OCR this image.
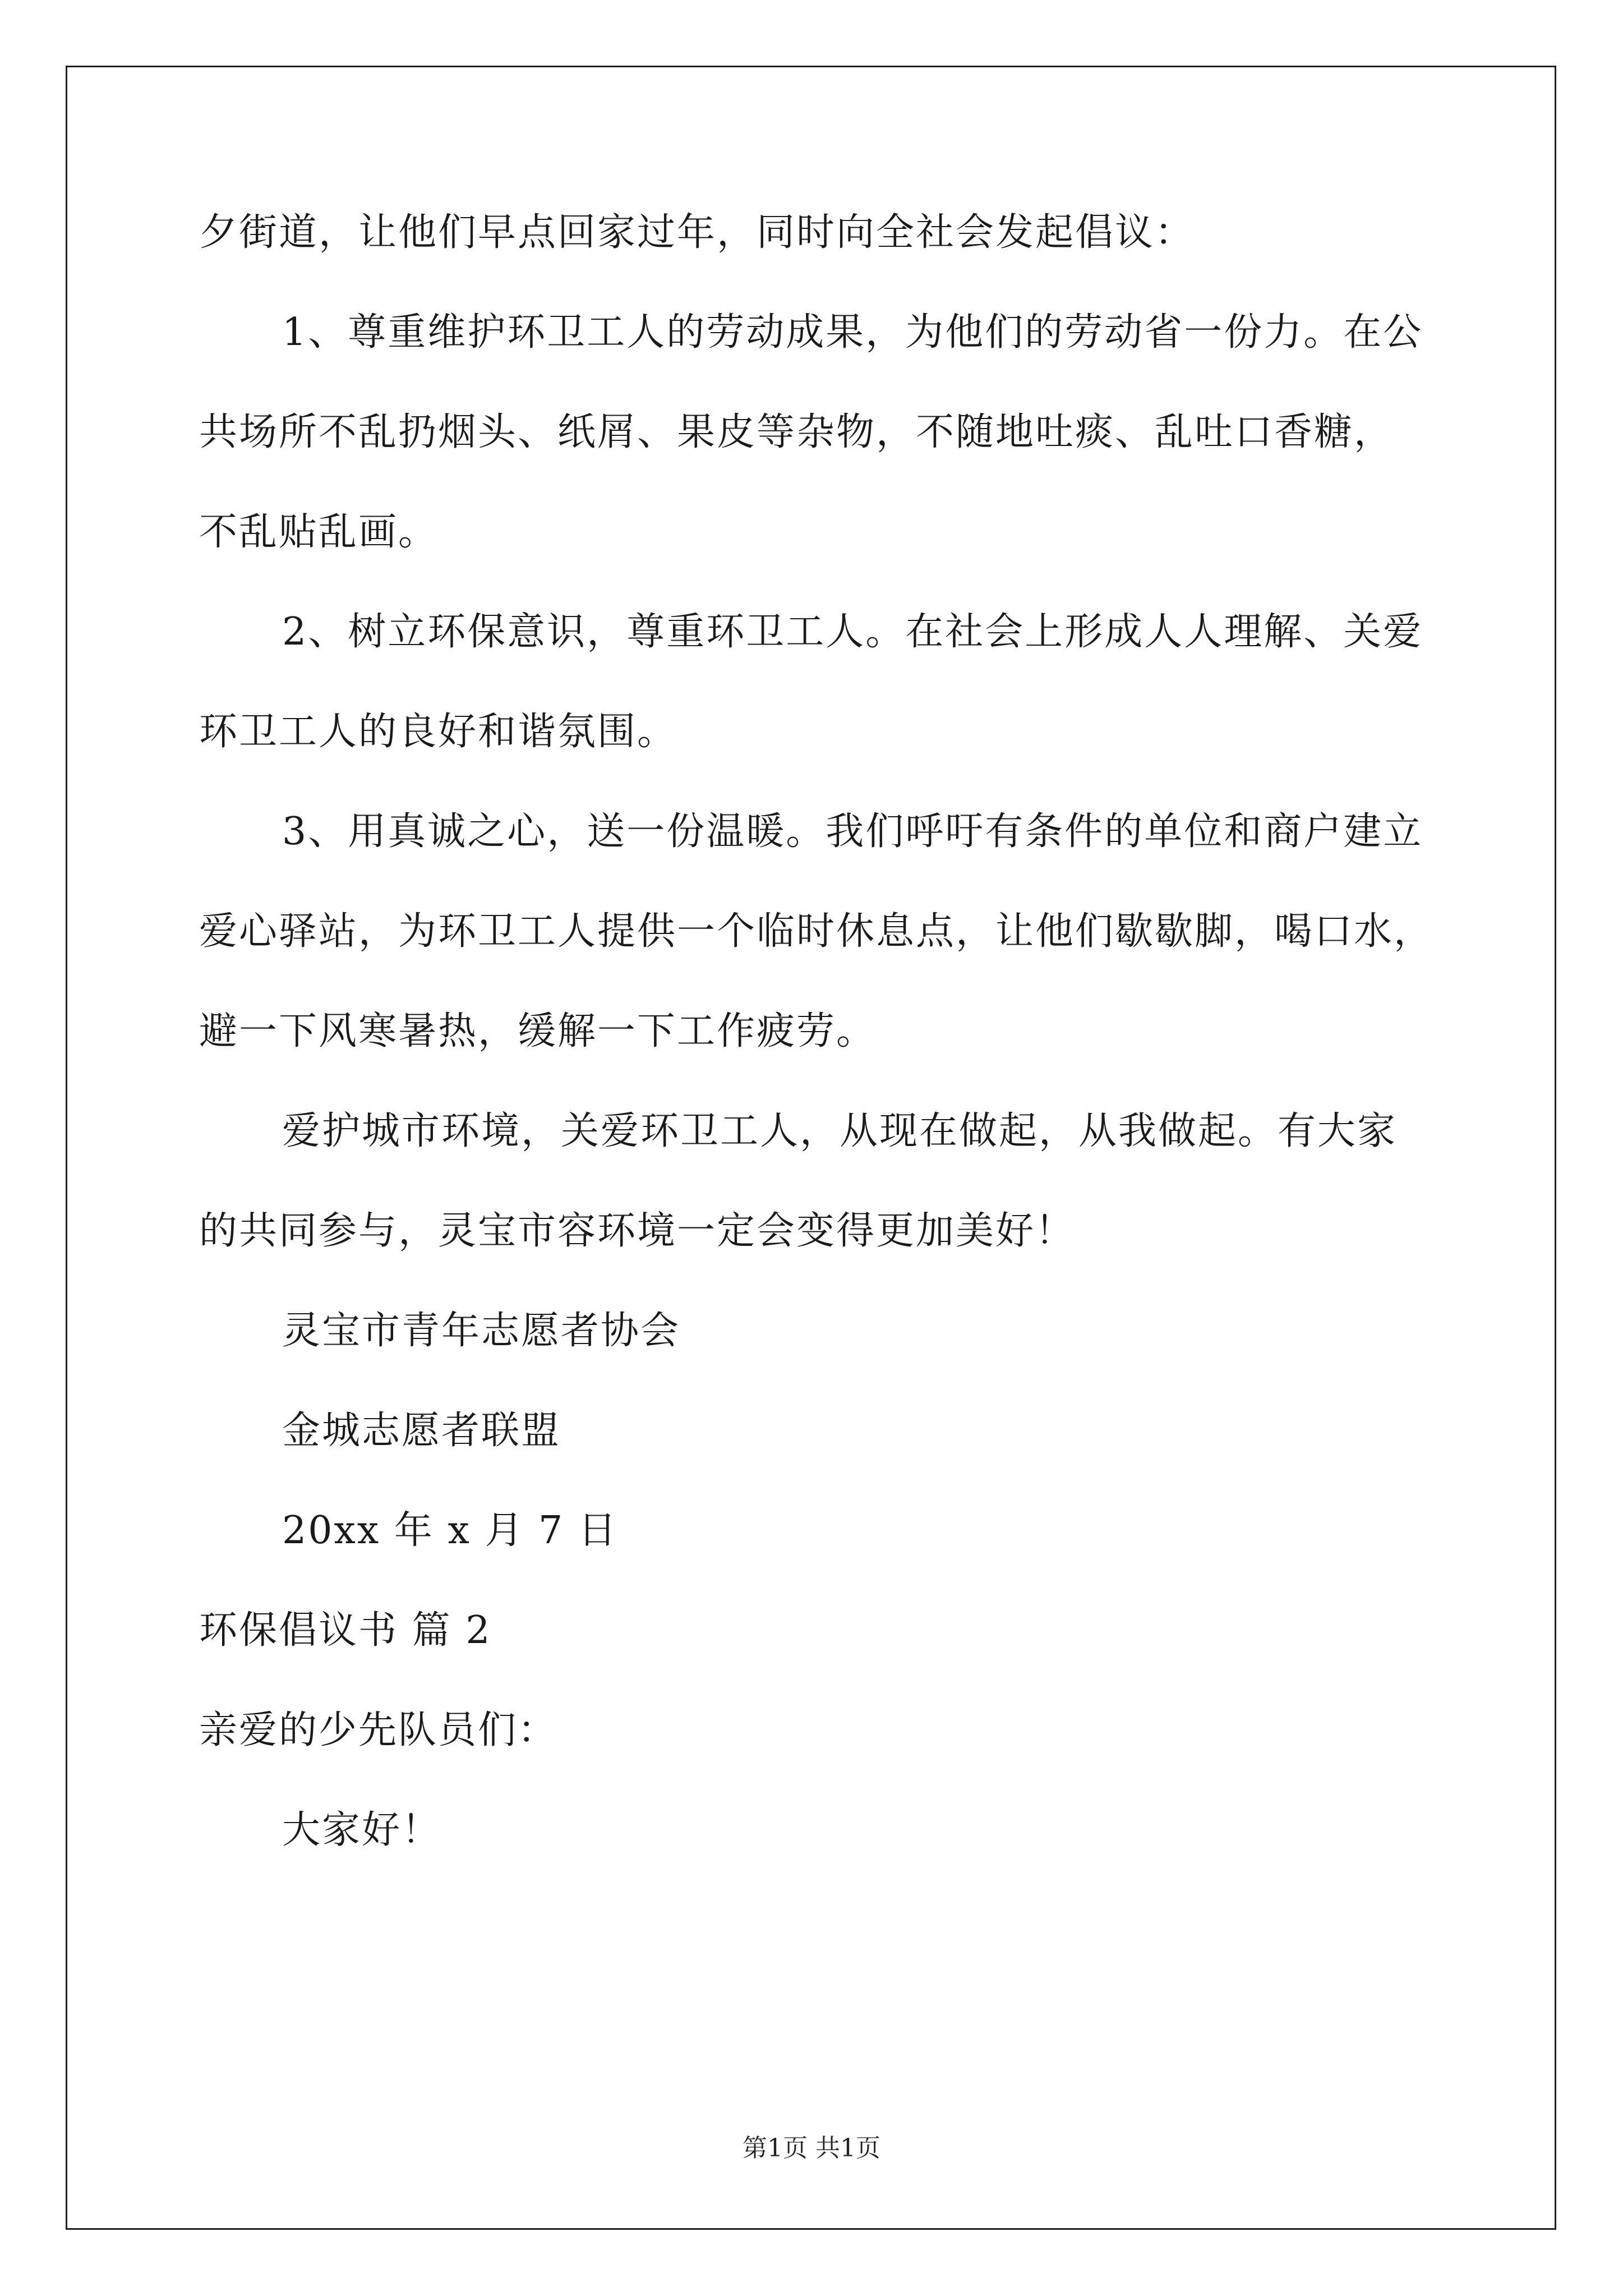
夕街道，让他们早点回家过年，同时向全社会发起倡议：
1、尊重维护环卫工人的劳动成果，为他们的劳动省一份力。在公
共场所不乱扔烟头、纸屑、果皮等杂物，不随地吐痰、乱吐口香糖，
不乱贴乱画。
2、树立环保意识，尊重环卫工人。在社会上形成人人理解、关爱
环卫工人的良好和谐氛围。
3、用真诚之心，送一份温暖。我们呼吁有条件的单位和商户建立
爱心驿站，为环卫工人提供一个临时休息点，让他们歇歇脚，喝口水，
避一下风寒暑热，缓解一下工作疲劳。
爱护城市环境，关爱环卫工人，从现在做起，从我做起。有大家
的共同参与，灵宝市容环境一定会变得更加美好！
灵宝市青年志愿者协会
金城志愿者联盟
20xx 年 x 月 7 日
环保倡议书 篇 2
亲爱的少先队员们：
大家好！
第1页 共1页
